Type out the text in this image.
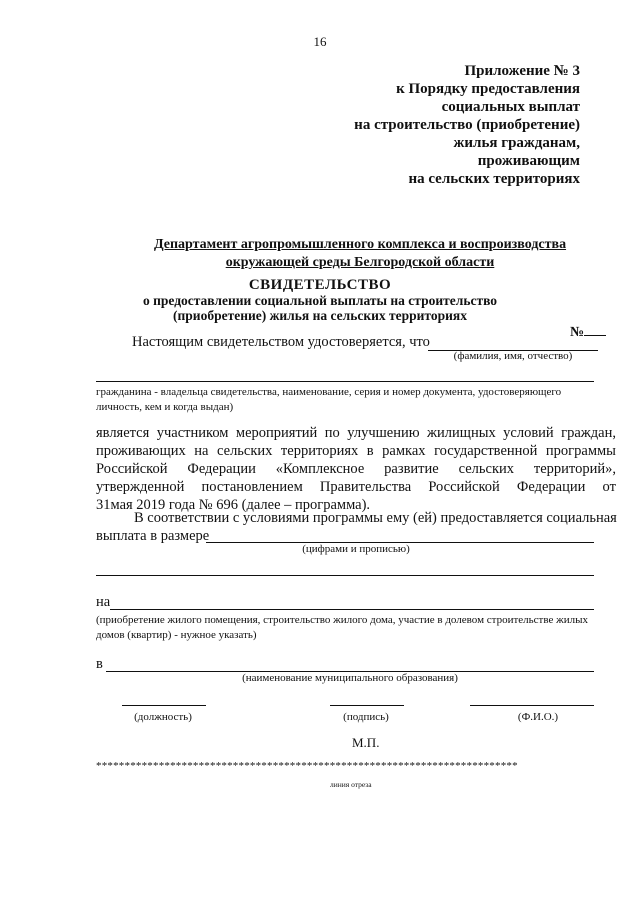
16
Приложение № 3
к Порядку предоставления
социальных выплат
на строительство (приобретение)
жилья гражданам,
проживающим
на сельских территориях
Департамент агропромышленного комплекса и воспроизводства
окружающей среды Белгородской области
СВИДЕТЕЛЬСТВО
о предоставлении социальной выплаты на строительство
(приобретение) жилья на сельских территориях
№
Настоящим свидетельством удостоверяется, что
(фамилия, имя, отчество)
гражданина - владельца свидетельства, наименование, серия и номер документа, удостоверяющего
личность, кем и когда выдан)
является участником мероприятий по улучшению жилищных условий граждан,
проживающих на сельских территориях в рамках государственной программы
Российской Федерации «Комплексное развитие сельских территорий»,
утвержденной постановлением Правительства Российской Федерации от
31мая 2019 года № 696 (далее – программа).
В соответствии с условиями программы ему (ей) предоставляется социальная
выплата в размере
(цифрами и прописью)
на
(приобретение жилого помещения, строительство жилого дома, участие в долевом строительстве жилых
домов (квартир) - нужное указать)
в
(наименование муниципального образования)
(должность)	(подпись)	(Ф.И.О.)
М.П.
**************************************************************************
линия отреза
